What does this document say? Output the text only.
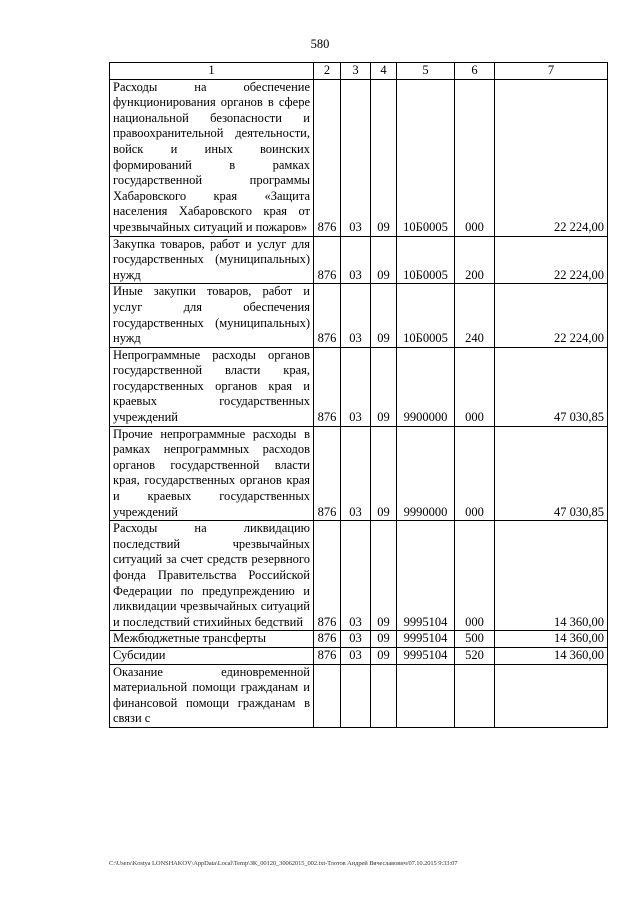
580
1	2	3	4	5	6	7
Расходы на обеспечение функционирования органов в сфере национальной безопасности и правоохранительной деятельности, войск и иных воинских формирований в рамках государственной программы Хабаровского края «Защита населения Хабаровского края от чрезвычайных ситуаций и пожаров»	876	03	09	10Б0005	000	22 224,00
Закупка товаров, работ и услуг для государственных (муниципальных) нужд	876	03	09	10Б0005	200	22 224,00
Иные закупки товаров, работ и услуг для обеспечения государственных (муниципальных) нужд	876	03	09	10Б0005	240	22 224,00
Непрограммные расходы органов государственной власти края, государственных органов края и краевых государственных учреждений	876	03	09	9900000	000	47 030,85
Прочие непрограммные расходы в рамках непрограммных расходов органов государственной власти края, государственных органов края и краевых государственных учреждений	876	03	09	9990000	000	47 030,85
Расходы на ликвидацию последствий чрезвычайных ситуаций за счет средств резервного фонда Правительства Российской Федерации по предупреждению и ликвидации чрезвычайных ситуаций и последствий стихийных бедствий	876	03	09	9995104	000	14 360,00
Межбюджетные трансферты	876	03	09	9995104	500	14 360,00
Субсидии	876	03	09	9995104	520	14 360,00
Оказание единовременной материальной помощи гражданам и финансовой помощи гражданам в связи с						
C:\Users\Kostya LONSHAKOV\AppData\Local\Temp\ЗК_00120_30062015_002.txt-Тлотов Андрей Вячеславович/07.10.2015 9:33:07
